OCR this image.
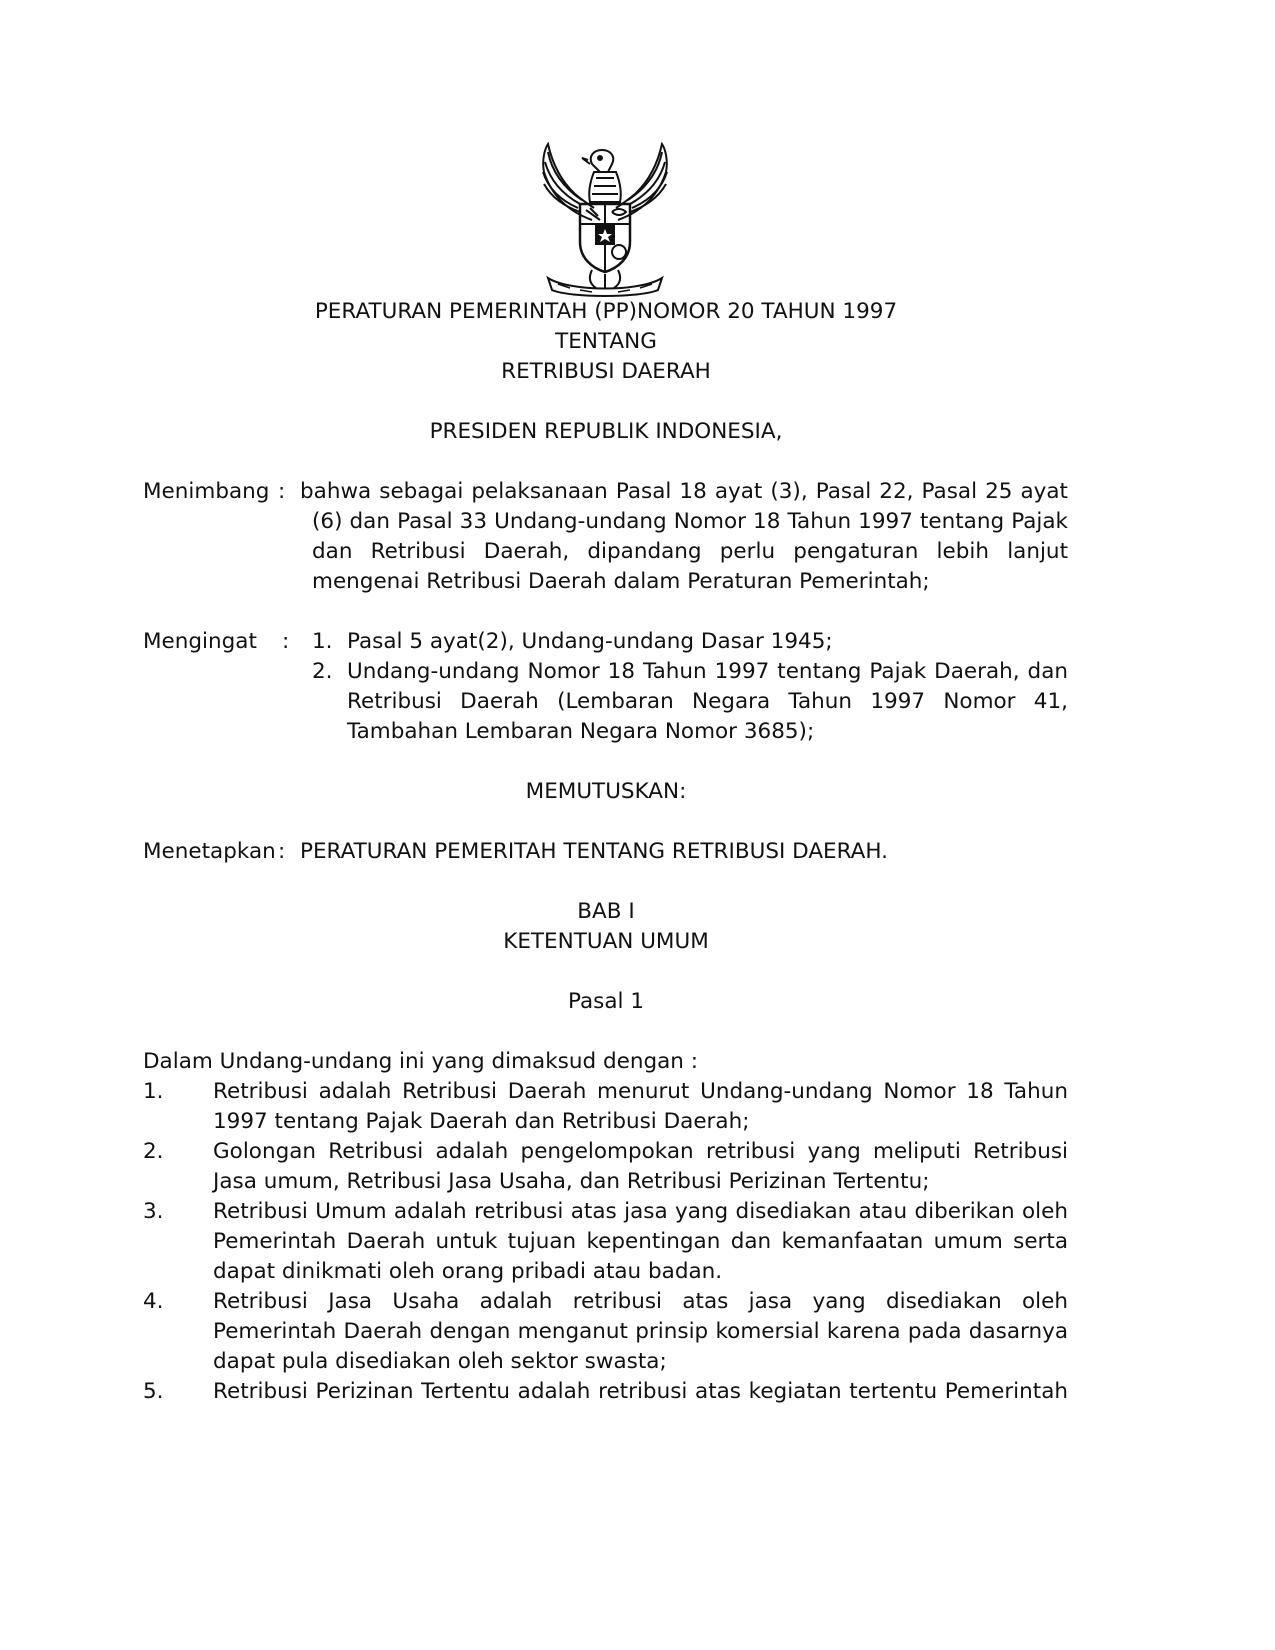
PERATURAN PEMERINTAH (PP)NOMOR 20 TAHUN 1997
TENTANG
RETRIBUSI DAERAH
PRESIDEN REPUBLIK INDONESIA,
Menimbang : bahwa sebagai pelaksanaan Pasal 18 ayat (3), Pasal 22, Pasal 25 ayat (6) dan Pasal 33 Undang-undang Nomor 18 Tahun 1997 tentang Pajak dan Retribusi Daerah, dipandang perlu pengaturan lebih lanjut mengenai Retribusi Daerah dalam Peraturan Pemerintah;
Mengingat : 1. Pasal 5 ayat(2), Undang-undang Dasar 1945;
2. Undang-undang Nomor 18 Tahun 1997 tentang Pajak Daerah, dan Retribusi Daerah (Lembaran Negara Tahun 1997 Nomor 41, Tambahan Lembaran Negara Nomor 3685);
MEMUTUSKAN:
Menetapkan : PERATURAN PEMERITAH TENTANG RETRIBUSI DAERAH.
BAB I
KETENTUAN UMUM
Pasal 1
Dalam Undang-undang ini yang dimaksud dengan :
1. Retribusi adalah Retribusi Daerah menurut Undang-undang Nomor 18 Tahun 1997 tentang Pajak Daerah dan Retribusi Daerah;
2. Golongan Retribusi adalah pengelompokan retribusi yang meliputi Retribusi Jasa umum, Retribusi Jasa Usaha, dan Retribusi Perizinan Tertentu;
3. Retribusi Umum adalah retribusi atas jasa yang disediakan atau diberikan oleh Pemerintah Daerah untuk tujuan kepentingan dan kemanfaatan umum serta dapat dinikmati oleh orang pribadi atau badan.
4. Retribusi Jasa Usaha adalah retribusi atas jasa yang disediakan oleh Pemerintah Daerah dengan menganut prinsip komersial karena pada dasarnya dapat pula disediakan oleh sektor swasta;
5. Retribusi Perizinan Tertentu adalah retribusi atas kegiatan tertentu Pemerintah
